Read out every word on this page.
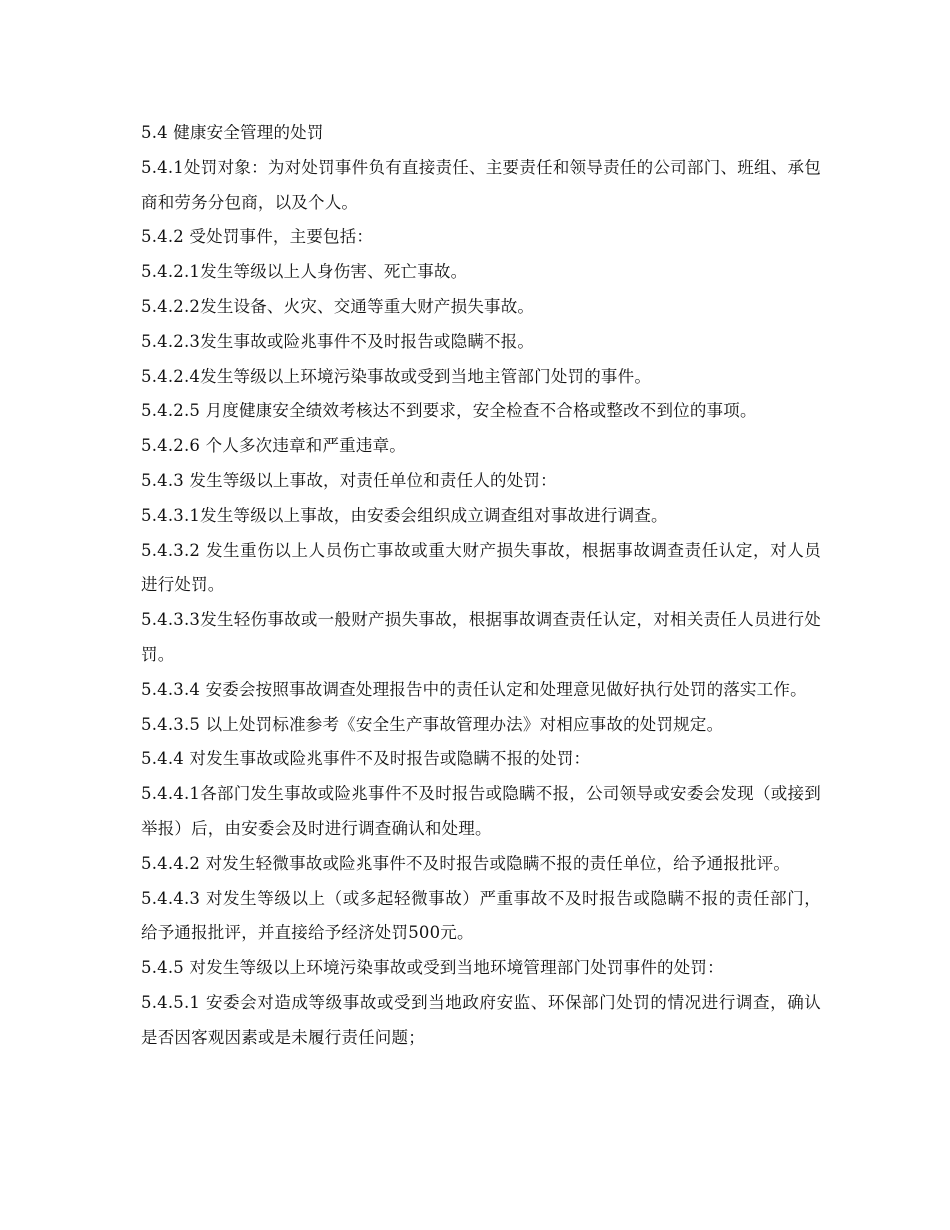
5.4 健康安全管理的处罚

5.4.1处罚对象：为对处罚事件负有直接责任、主要责任和领导责任的公司部门、班组、承包商和劳务分包商，以及个人。

5.4.2 受处罚事件，主要包括：

5.4.2.1发生等级以上人身伤害、死亡事故。

5.4.2.2发生设备、火灾、交通等重大财产损失事故。

5.4.2.3发生事故或险兆事件不及时报告或隐瞒不报。

5.4.2.4发生等级以上环境污染事故或受到当地主管部门处罚的事件。

5.4.2.5 月度健康安全绩效考核达不到要求，安全检查不合格或整改不到位的事项。

5.4.2.6 个人多次违章和严重违章。

5.4.3 发生等级以上事故，对责任单位和责任人的处罚：

5.4.3.1发生等级以上事故，由安委会组织成立调查组对事故进行调查。

5.4.3.2 发生重伤以上人员伤亡事故或重大财产损失事故，根据事故调查责任认定，对人员进行处罚。

5.4.3.3发生轻伤事故或一般财产损失事故，根据事故调查责任认定，对相关责任人员进行处罚。

5.4.3.4 安委会按照事故调查处理报告中的责任认定和处理意见做好执行处罚的落实工作。

5.4.3.5 以上处罚标准参考《安全生产事故管理办法》对相应事故的处罚规定。

5.4.4 对发生事故或险兆事件不及时报告或隐瞒不报的处罚：

5.4.4.1各部门发生事故或险兆事件不及时报告或隐瞒不报，公司领导或安委会发现（或接到举报）后，由安委会及时进行调查确认和处理。

5.4.4.2 对发生轻微事故或险兆事件不及时报告或隐瞒不报的责任单位，给予通报批评。

5.4.4.3 对发生等级以上（或多起轻微事故）严重事故不及时报告或隐瞒不报的责任部门，给予通报批评，并直接给予经济处罚500元。

5.4.5 对发生等级以上环境污染事故或受到当地环境管理部门处罚事件的处罚：

5.4.5.1 安委会对造成等级事故或受到当地政府安监、环保部门处罚的情况进行调查，确认是否因客观因素或是未履行责任问题；
